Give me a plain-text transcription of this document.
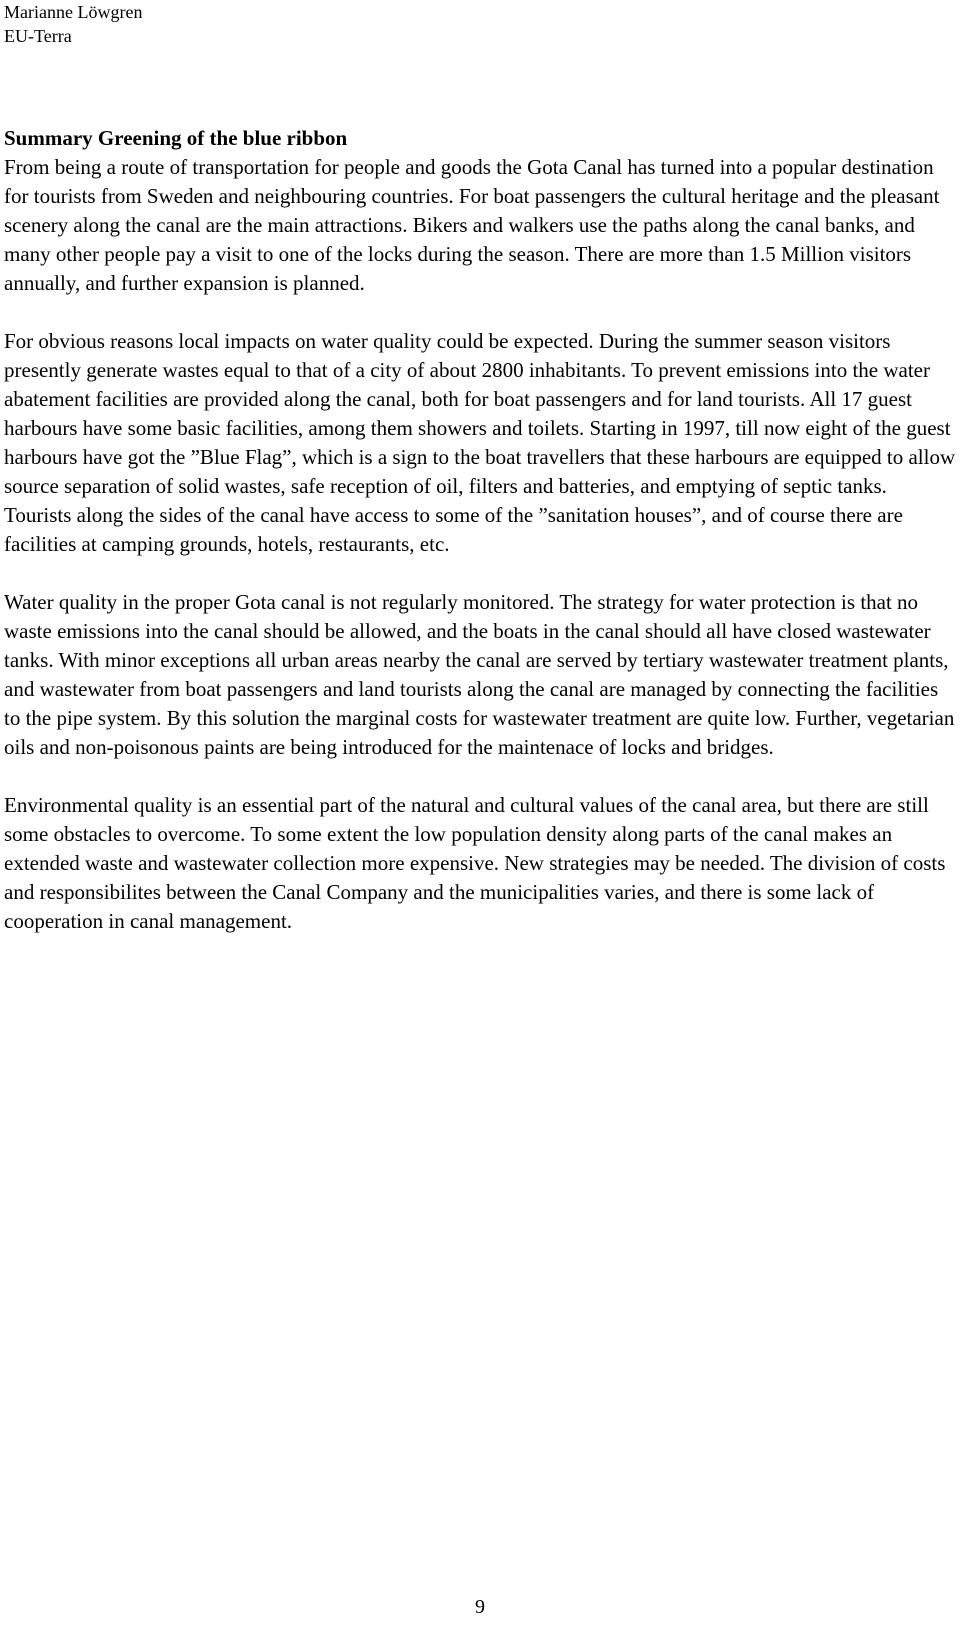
Marianne Löwgren
EU-Terra

Summary Greening of the blue ribbon

From being a route of transportation for people and goods the Gota Canal has turned into a popular destination for tourists from Sweden and neighbouring countries. For boat passengers the cultural heritage and the pleasant scenery along the canal are the main attractions. Bikers and walkers use the paths along the canal banks, and many other people pay a visit to one of the locks during the season. There are more than 1.5 Million visitors annually, and further expansion is planned.

For obvious reasons local impacts on water quality could be expected. During the summer season visitors presently generate wastes equal to that of a city of about 2800 inhabitants. To prevent emissions into the water abatement facilities are provided along the canal, both for boat passengers and for land tourists. All 17 guest harbours have some basic facilities, among them showers and toilets. Starting in 1997, till now eight of the guest harbours have got the ”Blue Flag”, which is a sign to the boat travellers that these harbours are equipped to allow source separation of solid wastes, safe reception of oil, filters and batteries, and emptying of septic tanks. Tourists along the sides of the canal have access to some of the ”sanitation houses”, and of course there are facilities at camping grounds, hotels, restaurants, etc.

Water quality in the proper Gota canal is not regularly monitored. The strategy for water protection is that no waste emissions into the canal should be allowed, and the boats in the canal should all have closed wastewater tanks. With minor exceptions all urban areas nearby the canal are served by tertiary wastewater treatment plants, and wastewater from boat passengers and land tourists along the canal are managed by connecting the facilities to the pipe system. By this solution the marginal costs for wastewater treatment are quite low. Further, vegetarian oils and non-poisonous paints are being introduced for the maintenace of locks and bridges.

Environmental quality is an essential part of the natural and cultural values of the canal area, but there are still some obstacles to overcome. To some extent the low population density along parts of the canal makes an extended waste and wastewater collection more expensive. New strategies may be needed. The division of costs and responsibilites between the Canal Company and the municipalities varies, and there is some lack of cooperation in canal management.

9
